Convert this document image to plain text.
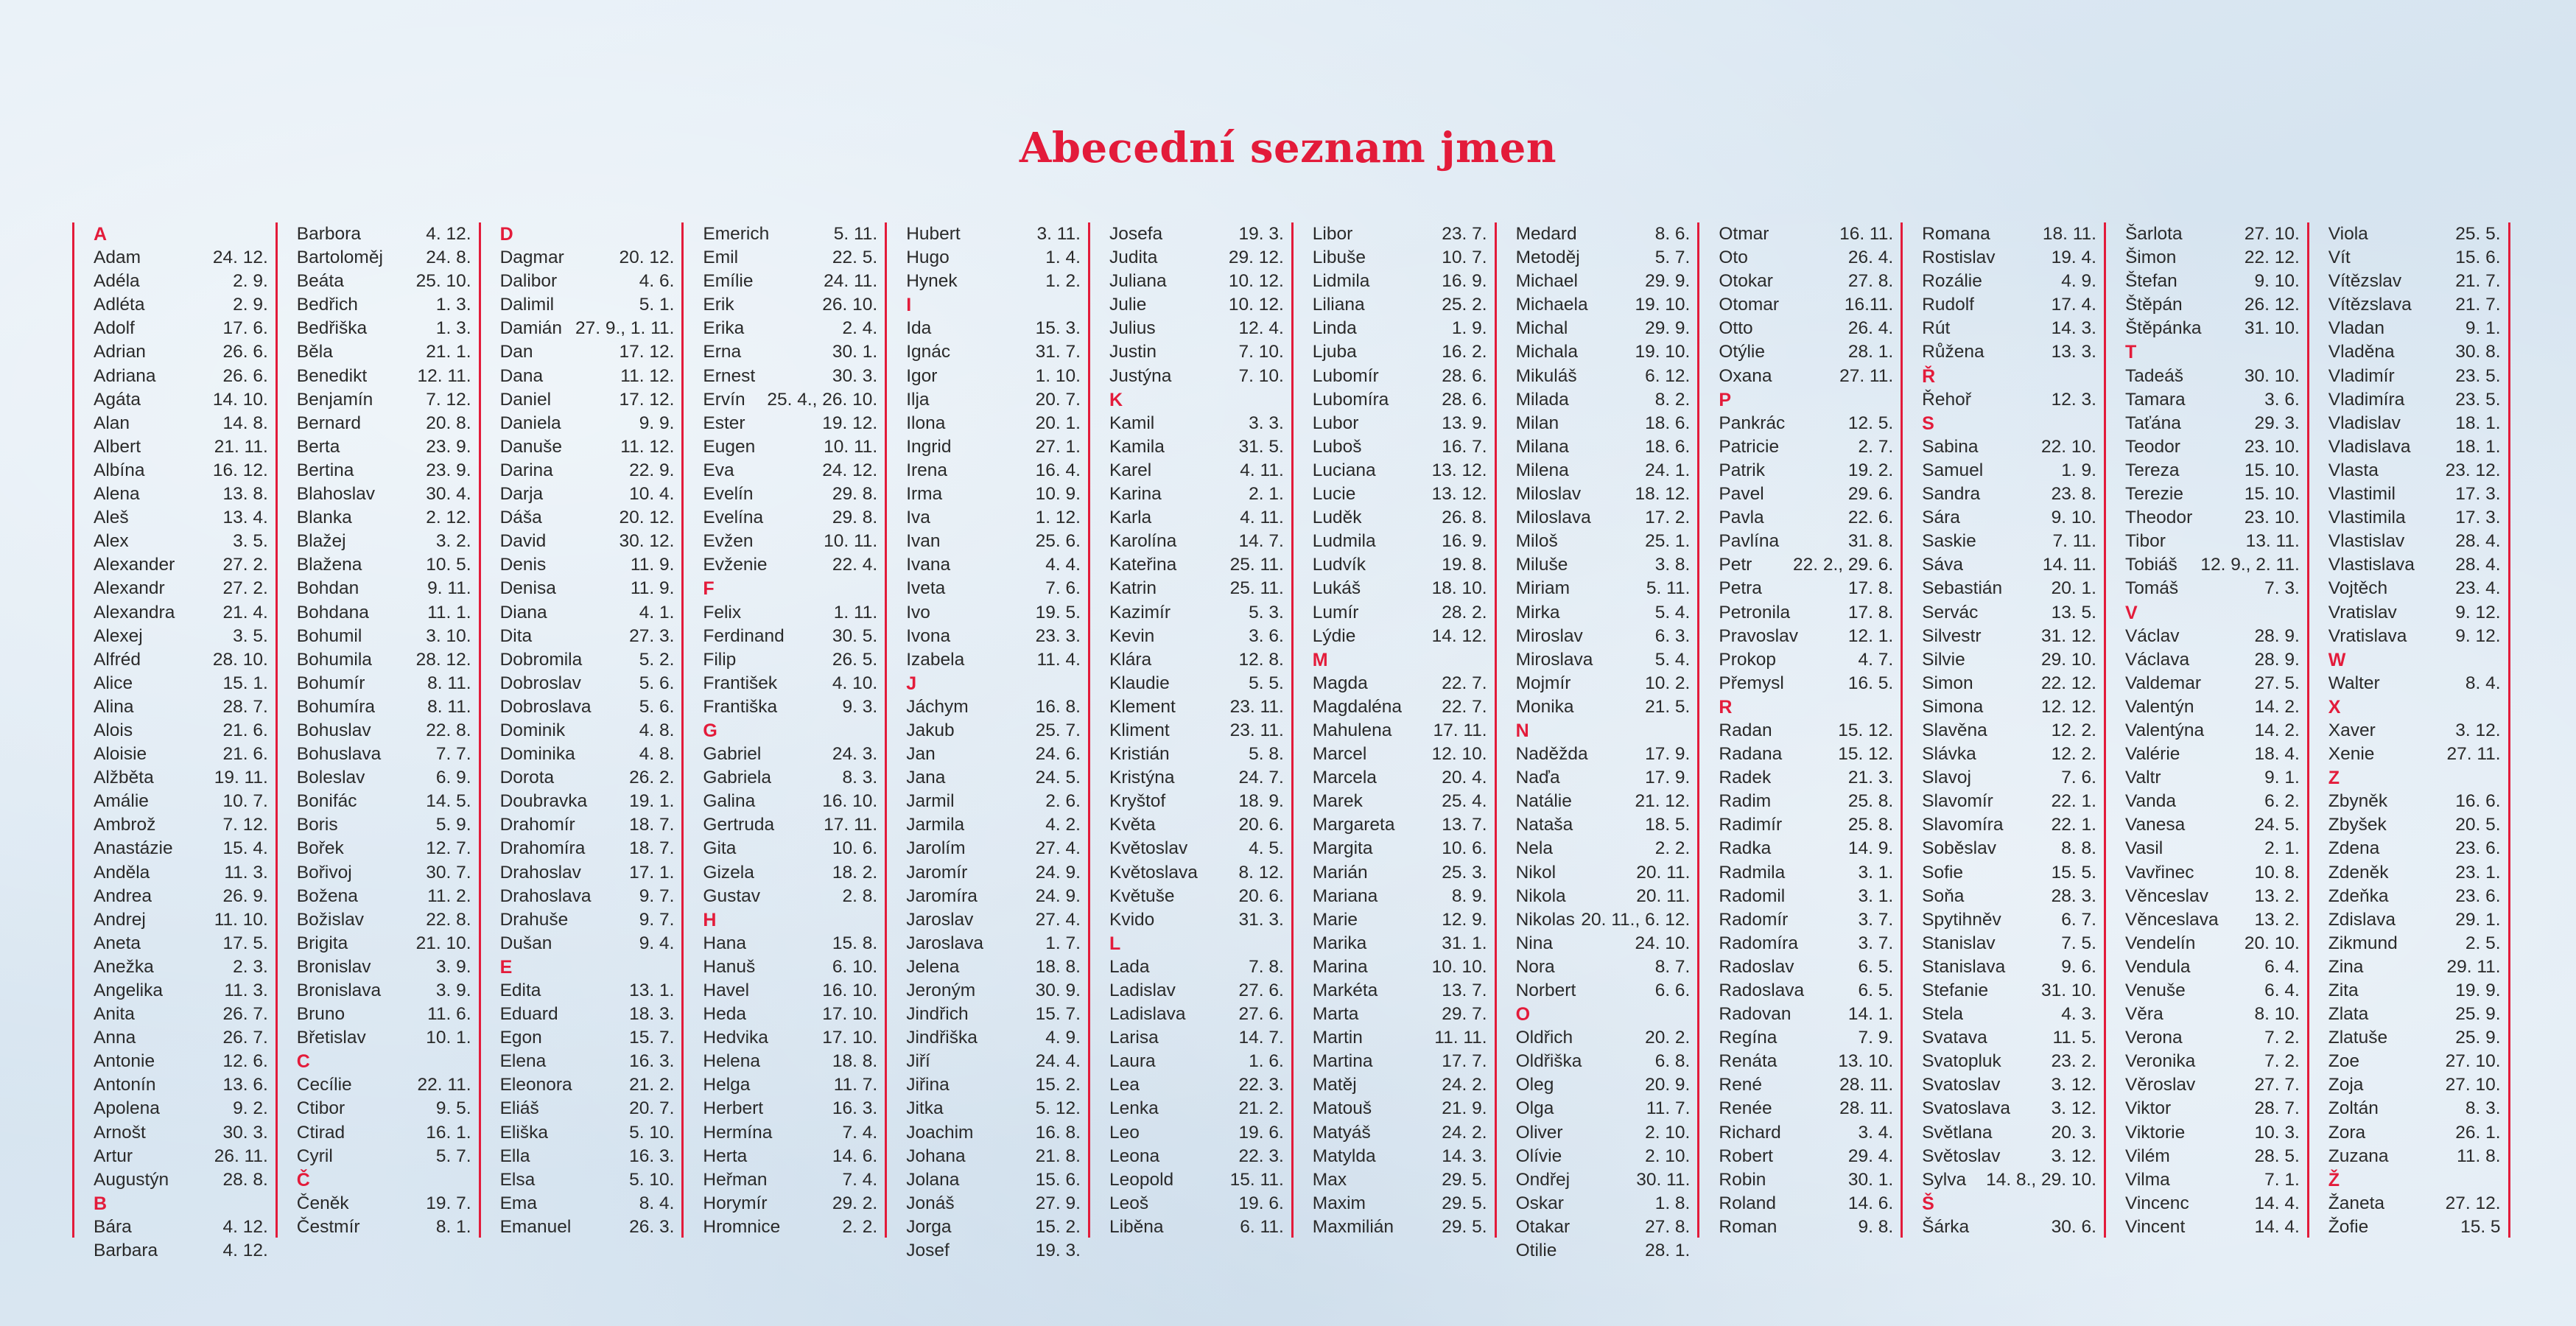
Abecední seznam jmen
A
Adam	24. 12.
Adéla	2. 9.
Adléta	2. 9.
Adolf	17. 6.
Adrian	26. 6.
Adriana	26. 6.
Agáta	14. 10.
Alan	14. 8.
Albert	21. 11.
Albína	16. 12.
Alena	13. 8.
Aleš	13. 4.
Alex	3. 5.
Alexander	27. 2.
Alexandr	27. 2.
Alexandra	21. 4.
Alexej	3. 5.
Alfréd	28. 10.
Alice	15. 1.
Alina	28. 7.
Alois	21. 6.
Aloisie	21. 6.
Alžběta	19. 11.
Amálie	10. 7.
Ambrož	7. 12.
Anastázie	15. 4.
Anděla	11. 3.
Andrea	26. 9.
Andrej	11. 10.
Aneta	17. 5.
Anežka	2. 3.
Angelika	11. 3.
Anita	26. 7.
Anna	26. 7.
Antonie	12. 6.
Antonín	13. 6.
Apolena	9. 2.
Arnošt	30. 3.
Artur	26. 11.
Augustýn	28. 8.
B
Bára	4. 12.
Barbara	4. 12.
Barbora	4. 12.
Bartoloměj 24. 8.
Beáta	25. 10.
Bedřich	1. 3.
Bedřiška	1. 3.
Běla	21. 1.
Benedikt	12. 11.
Benjamín	7. 12.
Bernard	20. 8.
Berta	23. 9.
Bertina	23. 9.
Blahoslav	30. 4.
Blanka	2. 12.
Blažej	3. 2.
Blažena	10. 5.
Bohdan	9. 11.
Bohdana	11. 1.
Bohumil	3. 10.
Bohumila 28. 12.
Bohumír	8. 11.
Bohumíra	8. 11.
Bohuslav	22. 8.
Bohuslava	7. 7.
Boleslav	6. 9.
Bonifác	14. 5.
Boris	5. 9.
Bořek	12. 7.
Bořivoj	30. 7.
Božena	11. 2.
Božislav	22. 8.
Brigita	21. 10.
Bronislav	3. 9.
Bronislava	3. 9.
Bruno	11. 6.
Břetislav	10. 1.
C
Cecílie	22. 11.
Ctibor	9. 5.
Ctirad	16. 1.
Cyril	5. 7.
Č
Čeněk	19. 7.
Čestmír	8. 1.
D
Dagmar	20. 12.
Dalibor	4. 6.
Dalimil	5. 1.
Damián 27. 9., 1. 11.
Dan	17. 12.
Dana	11. 12.
Daniel	17. 12.
Daniela	9. 9.
Danuše	11. 12.
Darina	22. 9.
Darja	10. 4.
Dáša	20. 12.
David	30. 12.
Denis	11. 9.
Denisa	11. 9.
Diana	4. 1.
Dita	27. 3.
Dobromila	5. 2.
Dobroslav	5. 6.
Dobroslava	5. 6.
Dominik	4. 8.
Dominika	4. 8.
Dorota	26. 2.
Doubravka 19. 1.
Drahomír	18. 7.
Drahomíra 18. 7.
Drahoslav	17. 1.
Drahoslava	9. 7.
Drahuše	9. 7.
Dušan	9. 4.
E
Edita	13. 1.
Eduard	18. 3.
Egon	15. 7.
Elena	16. 3.
Eleonora	21. 2.
Eliáš	20. 7.
Eliška	5. 10.
Ella	16. 3.
Elsa	5. 10.
Ema	8. 4.
Emanuel	26. 3.
Emerich	5. 11.
Emil	22. 5.
Emílie	24. 11.
Erik	26. 10.
Erika	2. 4.
Erna	30. 1.
Ernest	30. 3.
Ervín 25. 4., 26. 10.
Ester	19. 12.
Eugen	10. 11.
Eva	24. 12.
Evelín	29. 8.
Evelína	29. 8.
Evžen	10. 11.
Evženie	22. 4.
F
Felix	1. 11.
Ferdinand	30. 5.
Filip	26. 5.
František	4. 10.
Františka	9. 3.
G
Gabriel	24. 3.
Gabriela	8. 3.
Galina	16. 10.
Gertruda	17. 11.
Gita	10. 6.
Gizela	18. 2.
Gustav	2. 8.
H
Hana	15. 8.
Hanuš	6. 10.
Havel	16. 10.
Heda	17. 10.
Hedvika	17. 10.
Helena	18. 8.
Helga	11. 7.
Herbert	16. 3.
Hermína	7. 4.
Herta	14. 6.
Heřman	7. 4.
Horymír	29. 2.
Hromnice	2. 2.
Hubert	3. 11.
Hugo	1. 4.
Hynek	1. 2.
I
Ida	15. 3.
Ignác	31. 7.
Igor	1. 10.
Ilja	20. 7.
Ilona	20. 1.
Ingrid	27. 1.
Irena	16. 4.
Irma	10. 9.
Iva	1. 12.
Ivan	25. 6.
Ivana	4. 4.
Iveta	7. 6.
Ivo	19. 5.
Ivona	23. 3.
Izabela	11. 4.
J
Jáchym	16. 8.
Jakub	25. 7.
Jan	24. 6.
Jana	24. 5.
Jarmil	2. 6.
Jarmila	4. 2.
Jarolím	27. 4.
Jaromír	24. 9.
Jaromíra	24. 9.
Jaroslav	27. 4.
Jaroslava	1. 7.
Jelena	18. 8.
Jeroným	30. 9.
Jindřich	15. 7.
Jindřiška	4. 9.
Jiří	24. 4.
Jiřina	15. 2.
Jitka	5. 12.
Joachim	16. 8.
Johana	21. 8.
Jolana	15. 6.
Jonáš	27. 9.
Jorga	15. 2.
Josef	19. 3.
Josefa	19. 3.
Judita	29. 12.
Juliana	10. 12.
Julie	10. 12.
Julius	12. 4.
Justin	7. 10.
Justýna	7. 10.
K
Kamil	3. 3.
Kamila	31. 5.
Karel	4. 11.
Karina	2. 1.
Karla	4. 11.
Karolína	14. 7.
Kateřina	25. 11.
Katrin	25. 11.
Kazimír	5. 3.
Kevin	3. 6.
Klára	12. 8.
Klaudie	5. 5.
Klement	23. 11.
Kliment	23. 11.
Kristián	5. 8.
Kristýna	24. 7.
Kryštof	18. 9.
Květa	20. 6.
Květoslav	4. 5.
Květoslava 8. 12.
Květuše	20. 6.
Kvido	31. 3.
L
Lada	7. 8.
Ladislav	27. 6.
Ladislava	27. 6.
Larisa	14. 7.
Laura	1. 6.
Lea	22. 3.
Lenka	21. 2.
Leo	19. 6.
Leona	22. 3.
Leopold	15. 11.
Leoš	19. 6.
Liběna	6. 11.
Libor	23. 7.
Libuše	10. 7.
Lidmila	16. 9.
Liliana	25. 2.
Linda	1. 9.
Ljuba	16. 2.
Lubomír	28. 6.
Lubomíra	28. 6.
Lubor	13. 9.
Luboš	16. 7.
Luciana	13. 12.
Lucie	13. 12.
Luděk	26. 8.
Ludmila	16. 9.
Ludvík	19. 8.
Lukáš	18. 10.
Lumír	28. 2.
Lýdie	14. 12.
M
Magda	22. 7.
Magdaléna 22. 7.
Mahulena 17. 11.
Marcel	12. 10.
Marcela	20. 4.
Marek	25. 4.
Margareta	13. 7.
Margita	10. 6.
Marián	25. 3.
Mariana	8. 9.
Marie	12. 9.
Marika	31. 1.
Marina	10. 10.
Markéta	13. 7.
Marta	29. 7.
Martin	11. 11.
Martina	17. 7.
Matěj	24. 2.
Matouš	21. 9.
Matyáš	24. 2.
Matylda	14. 3.
Max	29. 5.
Maxim	29. 5.
Maxmilián	29. 5.
Medard	8. 6.
Metoděj	5. 7.
Michael	29. 9.
Michaela	19. 10.
Michal	29. 9.
Michala	19. 10.
Mikuláš	6. 12.
Milada	8. 2.
Milan	18. 6.
Milana	18. 6.
Milena	24. 1.
Miloslav	18. 12.
Miloslava	17. 2.
Miloš	25. 1.
Miluše	3. 8.
Miriam	5. 11.
Mirka	5. 4.
Miroslav	6. 3.
Miroslava	5. 4.
Mojmír	10. 2.
Monika	21. 5.
N
Naděžda	17. 9.
Naďa	17. 9.
Natálie	21. 12.
Nataša	18. 5.
Nela	2. 2.
Nikol	20. 11.
Nikola	20. 11.
Nikolas 20. 11., 6. 12.
Nina	24. 10.
Nora	8. 7.
Norbert	6. 6.
O
Oldřich	20. 2.
Oldřiška	6. 8.
Oleg	20. 9.
Olga	11. 7.
Oliver	2. 10.
Olívie	2. 10.
Ondřej	30. 11.
Oskar	1. 8.
Otakar	27. 8.
Otilie	28. 1.
Otmar	16. 11.
Oto	26. 4.
Otokar	27. 8.
Otomar	16.11.
Otto	26. 4.
Otýlie	28. 1.
Oxana	27. 11.
P
Pankrác	12. 5.
Patricie	2. 7.
Patrik	19. 2.
Pavel	29. 6.
Pavla	22. 6.
Pavlína	31. 8.
Petr 22. 2., 29. 6.
Petra	17. 8.
Petronila	17. 8.
Pravoslav	12. 1.
Prokop	4. 7.
Přemysl	16. 5.
R
Radan	15. 12.
Radana	15. 12.
Radek	21. 3.
Radim	25. 8.
Radimír	25. 8.
Radka	14. 9.
Radmila	3. 1.
Radomil	3. 1.
Radomír	3. 7.
Radomíra	3. 7.
Radoslav	6. 5.
Radoslava	6. 5.
Radovan	14. 1.
Regína	7. 9.
Renáta	13. 10.
René	28. 11.
Renée	28. 11.
Richard	3. 4.
Robert	29. 4.
Robin	30. 1.
Roland	14. 6.
Roman	9. 8.
Romana	18. 11.
Rostislav	19. 4.
Rozálie	4. 9.
Rudolf	17. 4.
Rút	14. 3.
Růžena	13. 3.
Ř
Řehoř	12. 3.
S
Sabina	22. 10.
Samuel	1. 9.
Sandra	23. 8.
Sára	9. 10.
Saskie	7. 11.
Sáva	14. 11.
Sebastián	20. 1.
Servác	13. 5.
Silvestr	31. 12.
Silvie	29. 10.
Simon	22. 12.
Simona	12. 12.
Slavěna	12. 2.
Slávka	12. 2.
Slavoj	7. 6.
Slavomír	22. 1.
Slavomíra	22. 1.
Soběslav	8. 8.
Sofie	15. 5.
Soňa	28. 3.
Spytihněv	6. 7.
Stanislav	7. 5.
Stanislava	9. 6.
Stefanie	31. 10.
Stela	4. 3.
Svatava	11. 5.
Svatopluk	23. 2.
Svatoslav	3. 12.
Svatoslava 3. 12.
Světlana	20. 3.
Světoslav	3. 12.
Sylva 14. 8., 29. 10.
Š
Šárka	30. 6.
Šarlota	27. 10.
Šimon	22. 12.
Štefan	9. 10.
Štěpán	26. 12.
Štěpánka 31. 10.
T
Tadeáš	30. 10.
Tamara	3. 6.
Taťána	29. 3.
Teodor	23. 10.
Tereza	15. 10.
Terezie	15. 10.
Theodor	23. 10.
Tibor	13. 11.
Tobiáš 12. 9., 2. 11.
Tomáš	7. 3.
V
Václav	28. 9.
Václava	28. 9.
Valdemar	27. 5.
Valentýn	14. 2.
Valentýna	14. 2.
Valérie	18. 4.
Valtr	9. 1.
Vanda	6. 2.
Vanesa	24. 5.
Vasil	2. 1.
Vavřinec	10. 8.
Věnceslav	13. 2.
Věnceslava 13. 2.
Vendelín	20. 10.
Vendula	6. 4.
Venuše	6. 4.
Věra	8. 10.
Verona	7. 2.
Veronika	7. 2.
Věroslav	27. 7.
Viktor	28. 7.
Viktorie	10. 3.
Vilém	28. 5.
Vilma	7. 1.
Vincenc	14. 4.
Vincent	14. 4.
Viola	25. 5.
Vít	15. 6.
Vítězslav	21. 7.
Vítězslava 21. 7.
Vladan	9. 1.
Vladěna	30. 8.
Vladimír	23. 5.
Vladimíra	23. 5.
Vladislav	18. 1.
Vladislava 18. 1.
Vlasta	23. 12.
Vlastimil	17. 3.
Vlastimila	17. 3.
Vlastislav	28. 4.
Vlastislava 28. 4.
Vojtěch	23. 4.
Vratislav	9. 12.
Vratislava	9. 12.
W
Walter	8. 4.
X
Xaver	3. 12.
Xenie	27. 11.
Z
Zbyněk	16. 6.
Zbyšek	20. 5.
Zdena	23. 6.
Zdeněk	23. 1.
Zdeňka	23. 6.
Zdislava	29. 1.
Zikmund	2. 5.
Zina	29. 11.
Zita	19. 9.
Zlata	25. 9.
Zlatuše	25. 9.
Zoe	27. 10.
Zoja	27. 10.
Zoltán	8. 3.
Zora	26. 1.
Zuzana	11. 8.
Ž
Žaneta	27. 12.
Žofie	15. 5
